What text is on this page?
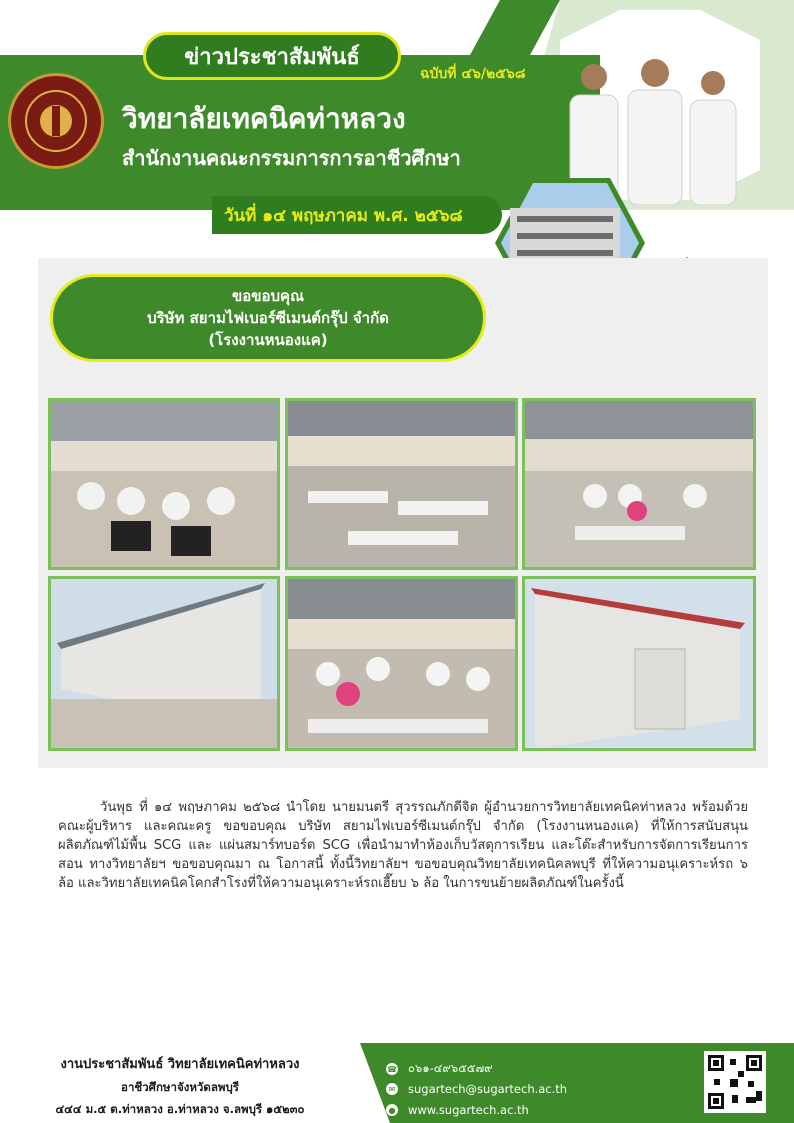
ข่าวประชาสัมพันธ์
ฉบับที่ ๔๖/๒๕๖๘
วิทยาลัยเทคนิคท่าหลวง
สำนักงานคณะกรรมการการอาชีวศึกษา
วันที่ ๑๔ พฤษภาคม พ.ศ. ๒๕๖๘
ขอขอบคุณ
บริษัท สยามไฟเบอร์ซีเมนต์กรุ๊ป จำกัด
(โรงงานหนองแค)

วันพุธ ที่ ๑๔ พฤษภาคม ๒๕๖๘ นำโดย นายมนตรี สุวรรณภักดีจิต ผู้อำนวยการวิทยาลัยเทคนิคท่าหลวง พร้อมด้วยคณะผู้บริหาร และคณะครู ขอขอบคุณ บริษัท สยามไฟเบอร์ซีเมนต์กรุ๊ป จำกัด (โรงงานหนองแค) ที่ให้การสนับสนุนผลิตภัณฑ์ไม้พื้น SCG และ แผ่นสมาร์ทบอร์ด SCG เพื่อนำมาทำห้องเก็บวัสดุการเรียน และโต๊ะสำหรับการจัดการเรียนการสอน ทางวิทยาลัยฯ ขอขอบคุณมา ณ โอกาสนี้ ทั้งนี้วิทยาลัยฯ ขอขอบคุณวิทยาลัยเทคนิคลพบุรี ที่ให้ความอนุเคราะห์รถ ๖ ล้อ และวิทยาลัยเทคนิคโคกสำโรงที่ให้ความอนุเคราะห์รถเฮี๊ยบ ๖ ล้อ ในการขนย้ายผลิตภัณฑ์ในครั้งนี้

งานประชาสัมพันธ์ วิทยาลัยเทคนิคท่าหลวง
อาชีวศึกษาจังหวัดลพบุรี
๔๔๔ ม.๕ ต.ท่าหลวง อ.ท่าหลวง จ.ลพบุรี ๑๕๒๓๐
☎ ๐๖๑-๔๙๖๕๕๗๙
✉ sugartech@sugartech.ac.th
● www.sugartech.ac.th
